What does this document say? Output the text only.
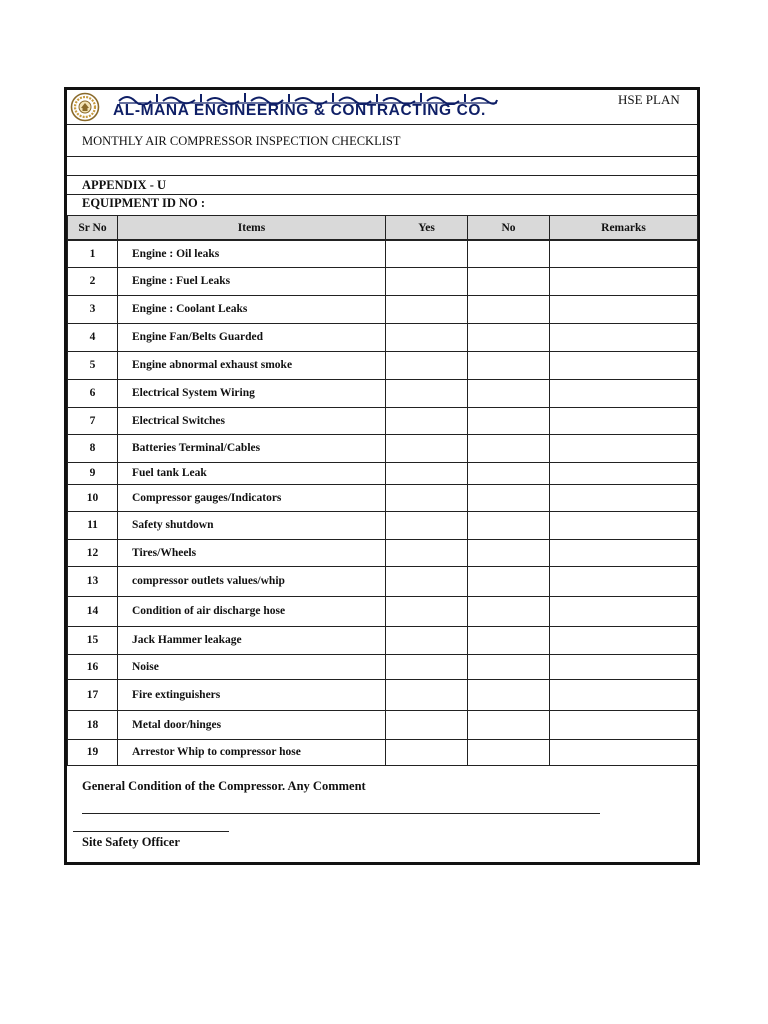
AL-MANA ENGINEERING & CONTRACTING CO.
HSE PLAN
MONTHLY AIR COMPRESSOR INSPECTION CHECKLIST
APPENDIX - U
EQUIPMENT ID NO :
Sr No	Items	Yes	No	Remarks
1	Engine : Oil leaks			
2	Engine : Fuel Leaks			
3	Engine : Coolant Leaks			
4	Engine Fan/Belts Guarded			
5	Engine abnormal exhaust smoke			
6	Electrical System Wiring			
7	Electrical Switches			
8	Batteries Terminal/Cables			
9	Fuel tank Leak			
10	Compressor gauges/Indicators			
11	Safety shutdown			
12	Tires/Wheels			
13	compressor outlets values/whip			
14	Condition of air discharge hose			
15	Jack Hammer leakage			
16	Noise			
17	Fire extinguishers			
18	Metal door/hinges			
19	Arrestor Whip to compressor hose			
General Condition of the Compressor. Any Comment
Site Safety Officer
